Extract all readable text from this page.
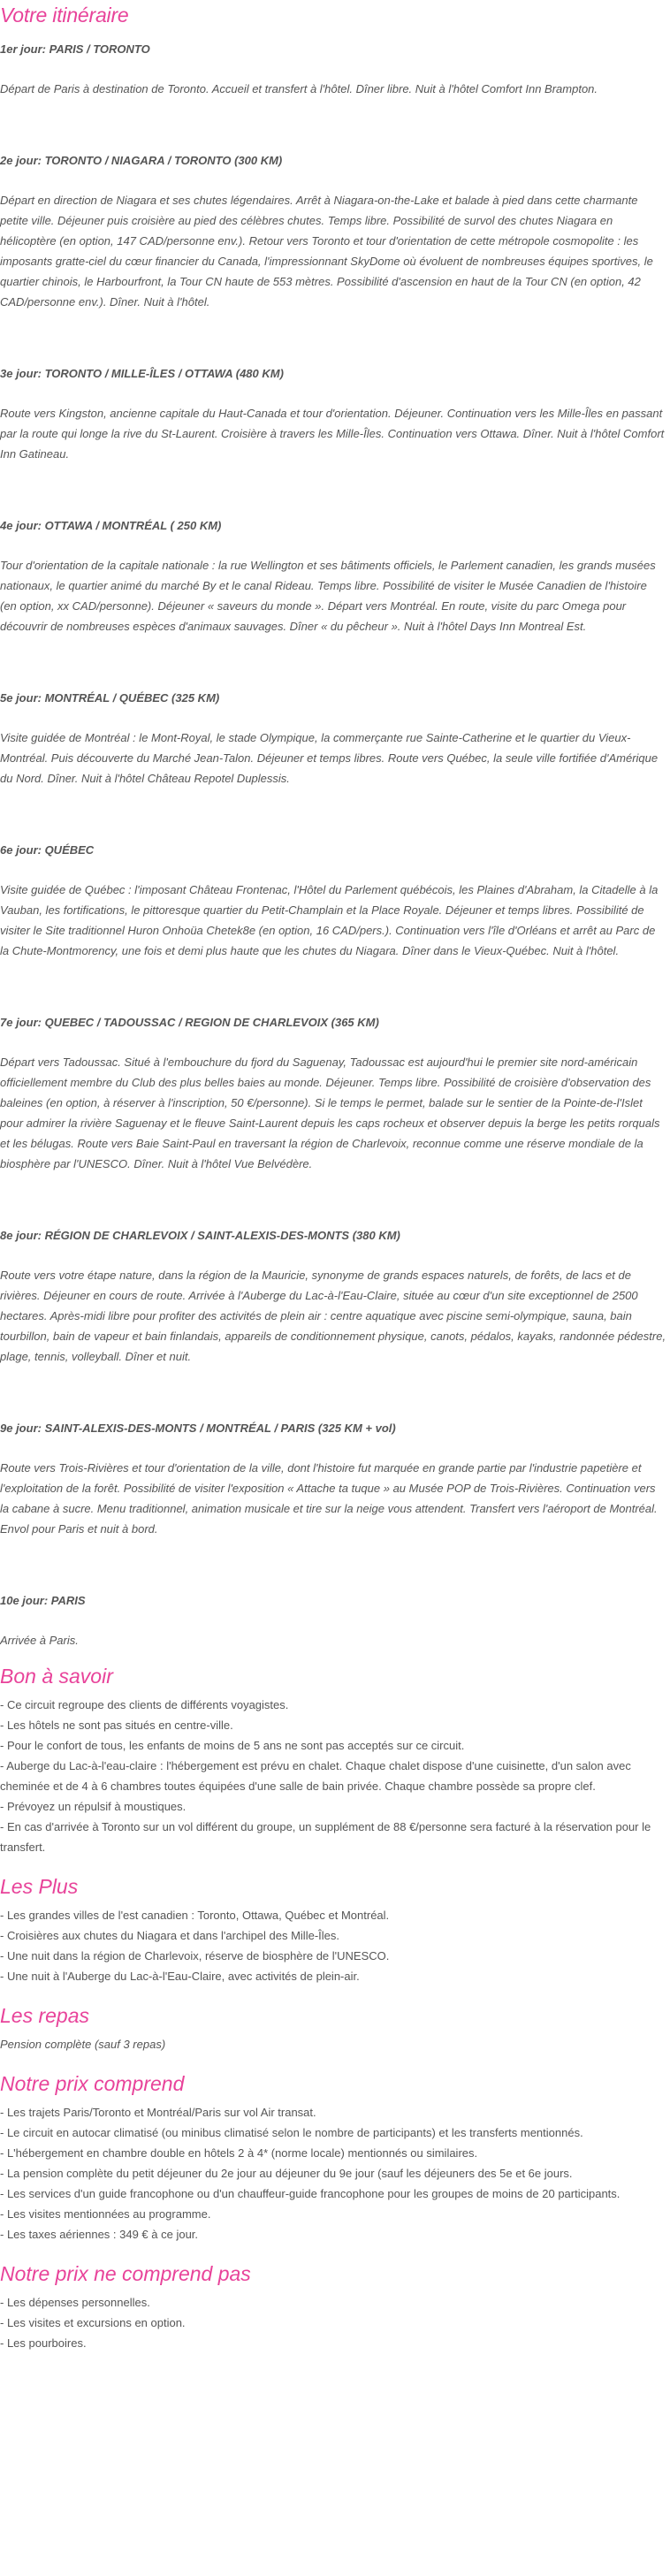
Votre itinéraire

1er jour: PARIS / TORONTO

Départ de Paris à destination de Toronto. Accueil et transfert à l'hôtel. Dîner libre. Nuit à l'hôtel Comfort Inn Brampton.

2e jour: TORONTO / NIAGARA / TORONTO (300 KM)

Départ en direction de Niagara et ses chutes légendaires. Arrêt à Niagara-on-the-Lake et balade à pied dans cette charmante petite ville. Déjeuner puis croisière au pied des célèbres chutes. Temps libre. Possibilité de survol des chutes Niagara en hélicoptère (en option, 147 CAD/personne env.). Retour vers Toronto et tour d'orientation de cette métropole cosmopolite : les imposants gratte-ciel du cœur financier du Canada, l'impressionnant SkyDome où évoluent de nombreuses équipes sportives, le quartier chinois, le Harbourfront, la Tour CN haute de 553 mètres. Possibilité d'ascension en haut de la Tour CN (en option, 42 CAD/personne env.). Dîner. Nuit à l'hôtel.

3e jour: TORONTO / MILLE-ÎLES / OTTAWA (480 KM)

Route vers Kingston, ancienne capitale du Haut-Canada et tour d'orientation. Déjeuner. Continuation vers les Mille-Îles en passant par la route qui longe la rive du St-Laurent. Croisière à travers les Mille-Îles. Continuation vers Ottawa. Dîner. Nuit à l'hôtel Comfort Inn Gatineau.

4e jour: OTTAWA / MONTRÉAL ( 250 KM)

Tour d'orientation de la capitale nationale : la rue Wellington et ses bâtiments officiels, le Parlement canadien, les grands musées nationaux, le quartier animé du marché By et le canal Rideau. Temps libre. Possibilité de visiter le Musée Canadien de l'histoire (en option, xx CAD/personne). Déjeuner « saveurs du monde ». Départ vers Montréal. En route, visite du parc Omega pour découvrir de nombreuses espèces d'animaux sauvages. Dîner « du pêcheur ». Nuit à l'hôtel Days Inn Montreal Est.

5e jour: MONTRÉAL / QUÉBEC (325 KM)

Visite guidée de Montréal : le Mont-Royal, le stade Olympique, la commerçante rue Sainte-Catherine et le quartier du Vieux-Montréal. Puis découverte du Marché Jean-Talon. Déjeuner et temps libres. Route vers Québec, la seule ville fortifiée d'Amérique du Nord. Dîner. Nuit à l'hôtel Château Repotel Duplessis.

6e jour: QUÉBEC

Visite guidée de Québec : l'imposant Château Frontenac, l'Hôtel du Parlement québécois, les Plaines d'Abraham, la Citadelle à la Vauban, les fortifications, le pittoresque quartier du Petit-Champlain et la Place Royale. Déjeuner et temps libres. Possibilité de visiter le Site traditionnel Huron Onhoüa Chetek8e (en option, 16 CAD/pers.). Continuation vers l'île d'Orléans et arrêt au Parc de la Chute-Montmorency, une fois et demi plus haute que les chutes du Niagara. Dîner dans le Vieux-Québec. Nuit à l'hôtel.

7e jour: QUEBEC / TADOUSSAC / REGION DE CHARLEVOIX (365 KM)

Départ vers Tadoussac. Situé à l'embouchure du fjord du Saguenay, Tadoussac est aujourd'hui le premier site nord-américain officiellement membre du Club des plus belles baies au monde. Déjeuner. Temps libre. Possibilité de croisière d'observation des baleines (en option, à réserver à l'inscription, 50 €/personne). Si le temps le permet, balade sur le sentier de la Pointe-de-l'Islet pour admirer la rivière Saguenay et le fleuve Saint-Laurent depuis les caps rocheux et observer depuis la berge les petits rorquals et les bélugas. Route vers Baie Saint-Paul en traversant la région de Charlevoix, reconnue comme une réserve mondiale de la biosphère par l'UNESCO. Dîner. Nuit à l'hôtel Vue Belvédère.

8e jour: RÉGION DE CHARLEVOIX / SAINT-ALEXIS-DES-MONTS (380 KM)

Route vers votre étape nature, dans la région de la Mauricie, synonyme de grands espaces naturels, de forêts, de lacs et de rivières. Déjeuner en cours de route. Arrivée à l'Auberge du Lac-à-l'Eau-Claire, située au cœur d'un site exceptionnel de 2500 hectares. Après-midi libre pour profiter des activités de plein air : centre aquatique avec piscine semi-olympique, sauna, bain tourbillon, bain de vapeur et bain finlandais, appareils de conditionnement physique, canots, pédalos, kayaks, randonnée pédestre, plage, tennis, volleyball. Dîner et nuit.

9e jour: SAINT-ALEXIS-DES-MONTS / MONTRÉAL / PARIS (325 KM + vol)

Route vers Trois-Rivières et tour d'orientation de la ville, dont l'histoire fut marquée en grande partie par l'industrie papetière et l'exploitation de la forêt. Possibilité de visiter l'exposition « Attache ta tuque » au Musée POP de Trois-Rivières. Continuation vers la cabane à sucre. Menu traditionnel, animation musicale et tire sur la neige vous attendent. Transfert vers l'aéroport de Montréal. Envol pour Paris et nuit à bord.

10e jour: PARIS

Arrivée à Paris.

Bon à savoir
- Ce circuit regroupe des clients de différents voyagistes.
- Les hôtels ne sont pas situés en centre-ville.
- Pour le confort de tous, les enfants de moins de 5 ans ne sont pas acceptés sur ce circuit.
- Auberge du Lac-à-l'eau-claire : l'hébergement est prévu en chalet. Chaque chalet dispose d'une cuisinette, d'un salon avec cheminée et de 4 à 6 chambres toutes équipées d'une salle de bain privée. Chaque chambre possède sa propre clef.
- Prévoyez un répulsif à moustiques.
- En cas d'arrivée à Toronto sur un vol différent du groupe, un supplément de 88 €/personne sera facturé à la réservation pour le transfert.
Les Plus
- Les grandes villes de l'est canadien : Toronto, Ottawa, Québec et Montréal.
- Croisières aux chutes du Niagara et dans l'archipel des Mille-Îles.
- Une nuit dans la région de Charlevoix, réserve de biosphère de l'UNESCO.
- Une nuit à l'Auberge du Lac-à-l'Eau-Claire, avec activités de plein-air.
Les repas

Pension complète (sauf 3 repas)

Notre prix comprend
- Les trajets Paris/Toronto et Montréal/Paris sur vol Air transat.
- Le circuit en autocar climatisé (ou minibus climatisé selon le nombre de participants) et les transferts mentionnés.
- L'hébergement en chambre double en hôtels 2 à 4* (norme locale) mentionnés ou similaires.
- La pension complète du petit déjeuner du 2e jour au déjeuner du 9e jour (sauf les déjeuners des 5e et 6e jours.
- Les services d'un guide francophone ou d'un chauffeur-guide francophone pour les groupes de moins de 20 participants.
- Les visites mentionnées au programme.
- Les taxes aériennes : 349 € à ce jour.
Notre prix ne comprend pas
- Les dépenses personnelles.
- Les visites et excursions en option.
- Les pourboires.
